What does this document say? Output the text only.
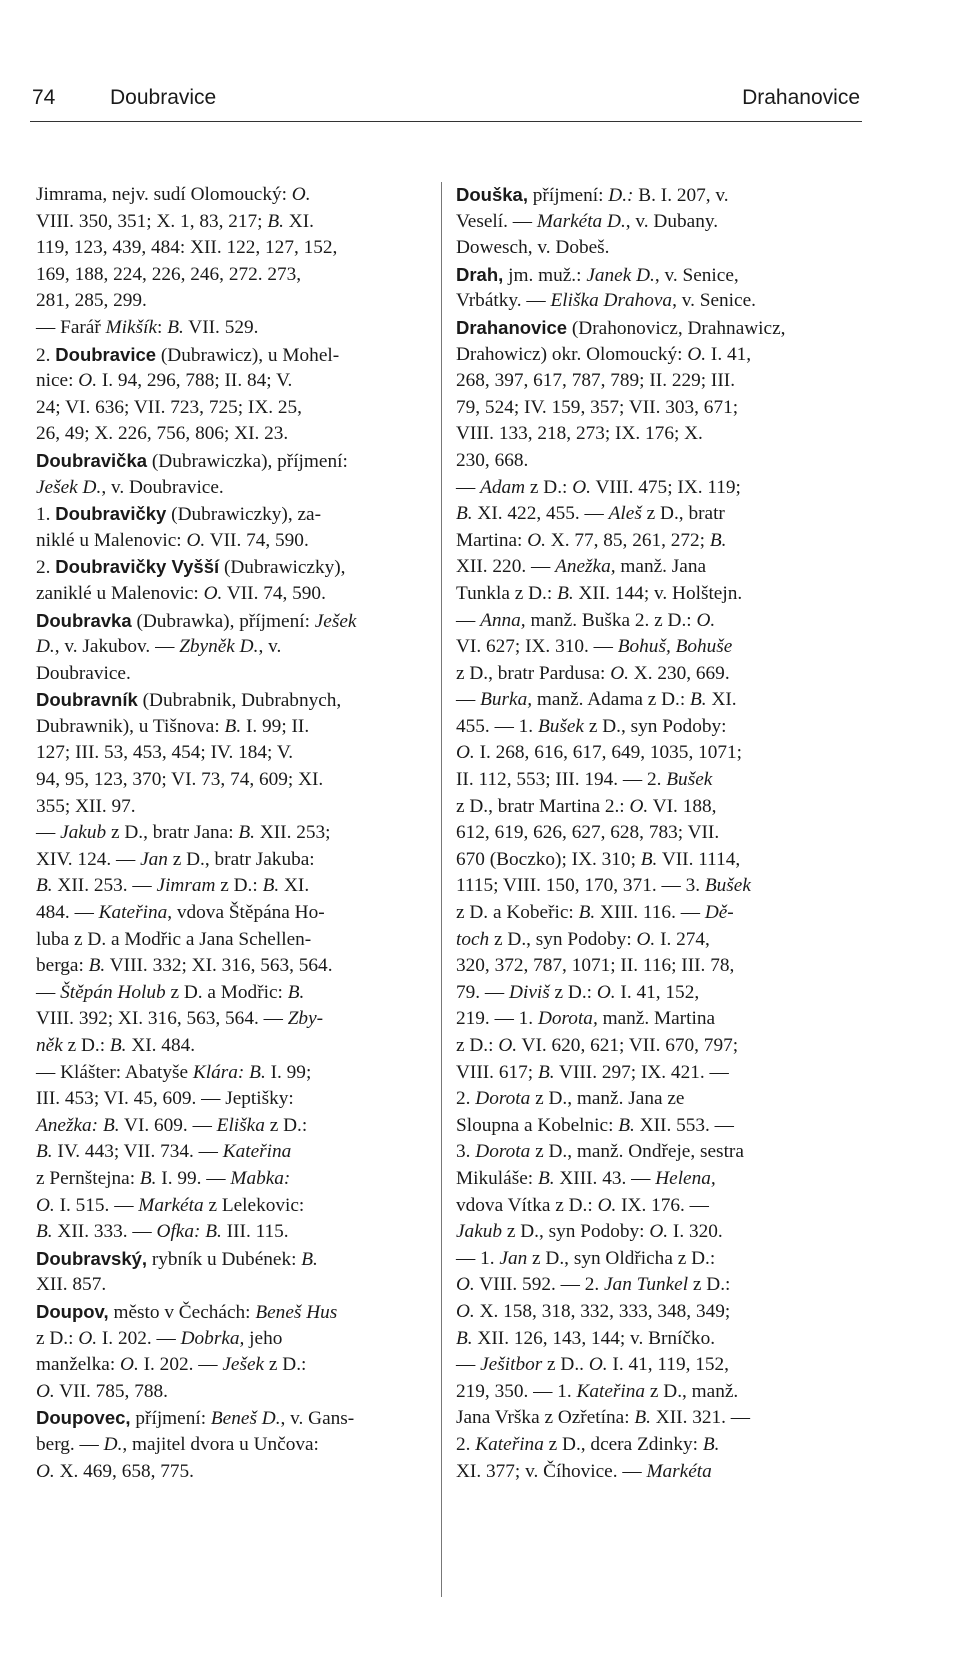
74	Doubravice	Drahanovice
Jimrama, nejv. sudí Olomoucký: O.
VIII. 350, 351; X. 1, 83, 217; B. XI.
119, 123, 439, 484: XII. 122, 127, 152,
169, 188, 224, 226, 246, 272. 273,
281, 285, 299.
— Farář Mikšík: B. VII. 529.
2. Doubravice (Dubrawicz), u Mohel-
nice: O. I. 94, 296, 788; II. 84; V.
24; VI. 636; VII. 723, 725; IX. 25,
26, 49; X. 226, 756, 806; XI. 23.
Doubravička (Dubrawiczka), příjmení:
Ješek D., v. Doubravice.
1. Doubravičky (Dubrawiczky), za-
niklé u Malenovic: O. VII. 74, 590.
2. Doubravičky Vyšší (Dubrawiczky),
zaniklé u Malenovic: O. VII. 74, 590.
Doubravka (Dubrawka), příjmení: Ješek
D., v. Jakubov. — Zbyněk D., v.
Doubravice.
Doubravník (Dubrabnik, Dubrabnych,
Dubrawnik), u Tišnova: B. I. 99; II.
127; III. 53, 453, 454; IV. 184; V.
94, 95, 123, 370; VI. 73, 74, 609; XI.
355; XII. 97.
— Jakub z D., bratr Jana: B. XII. 253;
XIV. 124. — Jan z D., bratr Jakuba:
B. XII. 253. — Jimram z D.: B. XI.
484. — Kateřina, vdova Štěpána Ho-
luba z D. a Modřic a Jana Schellen-
berga: B. VIII. 332; XI. 316, 563, 564.
— Štěpán Holub z D. a Modřic: B.
VIII. 392; XI. 316, 563, 564. — Zby-
něk z D.: B. XI. 484.
— Klášter: Abatyše Klára: B. I. 99;
III. 453; VI. 45, 609. — Jeptišky:
Anežka: B. VI. 609. — Eliška z D.:
B. IV. 443; VII. 734. — Kateřina
z Pernštejna: B. I. 99. — Mabka:
O. I. 515. — Markéta z Lelekovic:
B. XII. 333. — Ofka: B. III. 115.
Doubravský, rybník u Dubének: B.
XII. 857.
Doupov, město v Čechách: Beneš Hus
z D.: O. I. 202. — Dobrka, jeho
manželka: O. I. 202. — Ješek z D.:
O. VII. 785, 788.
Doupovec, příjmení: Beneš D., v. Gans-
berg. — D., majitel dvora u Unčova:
O. X. 469, 658, 775.
Douška, příjmení: D.: B. I. 207, v.
Veselí. — Markéta D., v. Dubany.
Dowesch, v. Dobeš.
Drah, jm. muž.: Janek D., v. Senice,
Vrbátky. — Eliška Drahova, v. Senice.
Drahanovice (Drahonovicz, Drahnawicz,
Drahowicz) okr. Olomoucký: O. I. 41,
268, 397, 617, 787, 789; II. 229; III.
79, 524; IV. 159, 357; VII. 303, 671;
VIII. 133, 218, 273; IX. 176; X.
230, 668.
— Adam z D.: O. VIII. 475; IX. 119;
B. XI. 422, 455. — Aleš z D., bratr
Martina: O. X. 77, 85, 261, 272; B.
XII. 220. — Anežka, manž. Jana
Tunkla z D.: B. XII. 144; v. Holštejn.
— Anna, manž. Buška 2. z D.: O.
VI. 627; IX. 310. — Bohuš, Bohuše
z D., bratr Pardusa: O. X. 230, 669.
— Burka, manž. Adama z D.: B. XI.
455. — 1. Bušek z D., syn Podoby:
O. I. 268, 616, 617, 649, 1035, 1071;
II. 112, 553; III. 194. — 2. Bušek
z D., bratr Martina 2.: O. VI. 188,
612, 619, 626, 627, 628, 783; VII.
670 (Boczko); IX. 310; B. VII. 1114,
1115; VIII. 150, 170, 371. — 3. Bušek
z D. a Kobeřic: B. XIII. 116. — Dě-
toch z D., syn Podoby: O. I. 274,
320, 372, 787, 1071; II. 116; III. 78,
79. — Diviš z D.: O. I. 41, 152,
219. — 1. Dorota, manž. Martina
z D.: O. VI. 620, 621; VII. 670, 797;
VIII. 617; B. VIII. 297; IX. 421. —
2. Dorota z D., manž. Jana ze
Sloupna a Kobelnic: B. XII. 553. —
3. Dorota z D., manž. Ondřeje, sestra
Mikuláše: B. XIII. 43. — Helena,
vdova Vítka z D.: O. IX. 176. —
Jakub z D., syn Podoby: O. I. 320.
— 1. Jan z D., syn Oldřicha z D.:
O. VIII. 592. — 2. Jan Tunkel z D.:
O. X. 158, 318, 332, 333, 348, 349;
B. XII. 126, 143, 144; v. Brníčko.
— Ješitbor z D.. O. I. 41, 119, 152,
219, 350. — 1. Kateřina z D., manž.
Jana Vrška z Ozřetína: B. XII. 321. —
2. Kateřina z D., dcera Zdinky: B.
XI. 377; v. Číhovice. — Markéta
